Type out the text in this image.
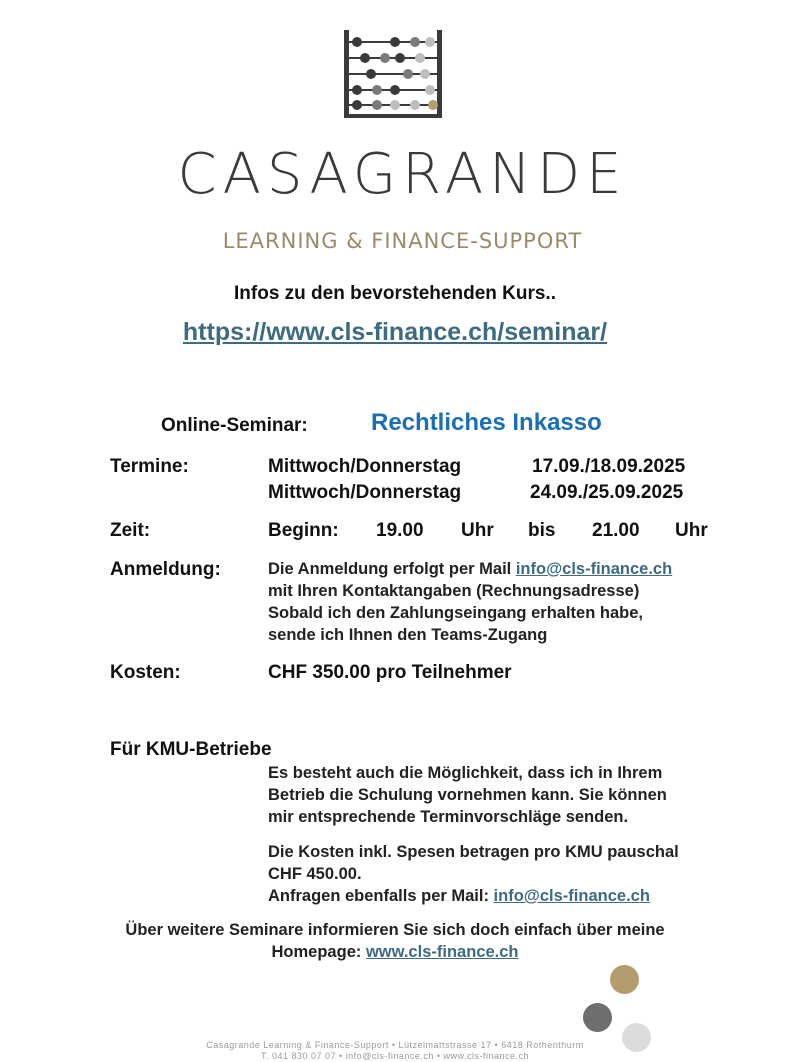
CASAGRANDE
LEARNING & FINANCE-SUPPORT
Infos zu den bevorstehenden Kurs..
https://www.cls-finance.ch/seminar/
Online-Seminar:	Rechtliches Inkasso
Termine:	Mittwoch/Donnerstag	17.09./18.09.2025
Mittwoch/Donnerstag	24.09./25.09.2025
Zeit:	Beginn: 19.00 Uhr bis 21.00 Uhr
Anmeldung:	Die Anmeldung erfolgt per Mail info@cls-finance.ch
mit Ihren Kontaktangaben (Rechnungsadresse)
Sobald ich den Zahlungseingang erhalten habe,
sende ich Ihnen den Teams-Zugang
Kosten:	CHF 350.00 pro Teilnehmer
Für KMU-Betriebe
Es besteht auch die Möglichkeit, dass ich in Ihrem
Betrieb die Schulung vornehmen kann. Sie können
mir entsprechende Terminvorschläge senden.
Die Kosten inkl. Spesen betragen pro KMU pauschal
CHF 450.00.
Anfragen ebenfalls per Mail: info@cls-finance.ch
Über weitere Seminare informieren Sie sich doch einfach über meine
Homepage: www.cls-finance.ch
Casagrande Learning & Finance-Support • Lützelmattstrasse 17 • 6418 Rothenthurm
T. 041 830 07 07 • info@cls-finance.ch • www.cls-finance.ch
